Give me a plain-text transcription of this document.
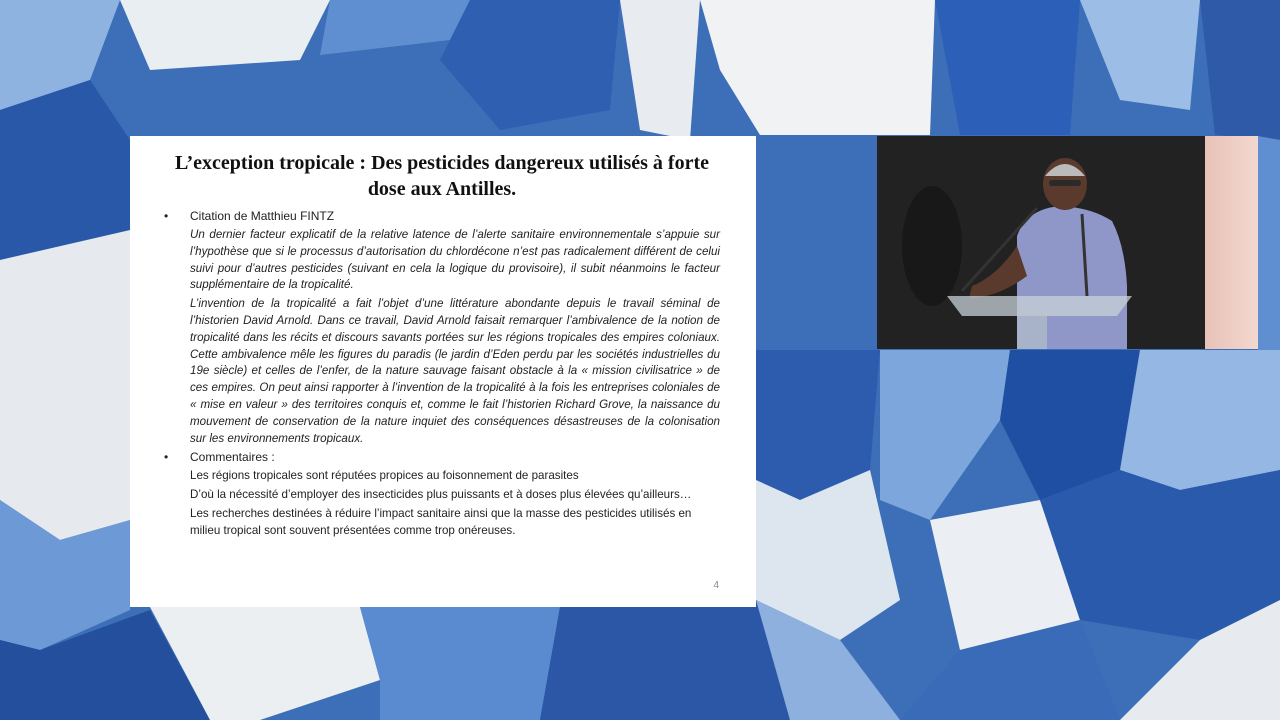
L’exception tropicale : Des pesticides dangereux utilisés à forte dose aux Antilles.
•	Citation de Matthieu FINTZ

Un dernier facteur explicatif de la relative latence de l’alerte sanitaire environnementale s’appuie sur l’hypothèse que si le processus d’autorisation du chlordécone n’est pas radicalement différent de celui suivi pour d’autres pesticides (suivant en cela la logique du provisoire), il subit néanmoins le facteur supplémentaire de la tropicalité.

L’invention de la tropicalité a fait l’objet d’une littérature abondante depuis le travail séminal de l’historien David Arnold. Dans ce travail, David Arnold faisait remarquer l’ambivalence de la notion de tropicalité dans les récits et discours savants portées sur les régions tropicales des empires coloniaux. Cette ambivalence mêle les figures du paradis (le jardin d’Eden perdu par les sociétés industrielles du 19e siècle) et celles de l’enfer, de la nature sauvage faisant obstacle à la « mission civilisatrice » de ces empires. On peut ainsi rapporter à l’invention de la tropicalité à la fois les entreprises coloniales de « mise en valeur » des territoires conquis et, comme le fait l’historien Richard Grove, la naissance du mouvement de conservation de la nature inquiet des conséquences désastreuses de la colonisation sur les environnements tropicaux.

•	Commentaires :

Les régions tropicales sont réputées propices au foisonnement de parasites

D’où la nécessité d’employer des insecticides plus puissants et à doses plus élevées qu’ailleurs…

Les recherches destinées à réduire l’impact sanitaire ainsi que la masse des pesticides utilisés en milieu tropical sont souvent présentées comme trop onéreuses.

4
